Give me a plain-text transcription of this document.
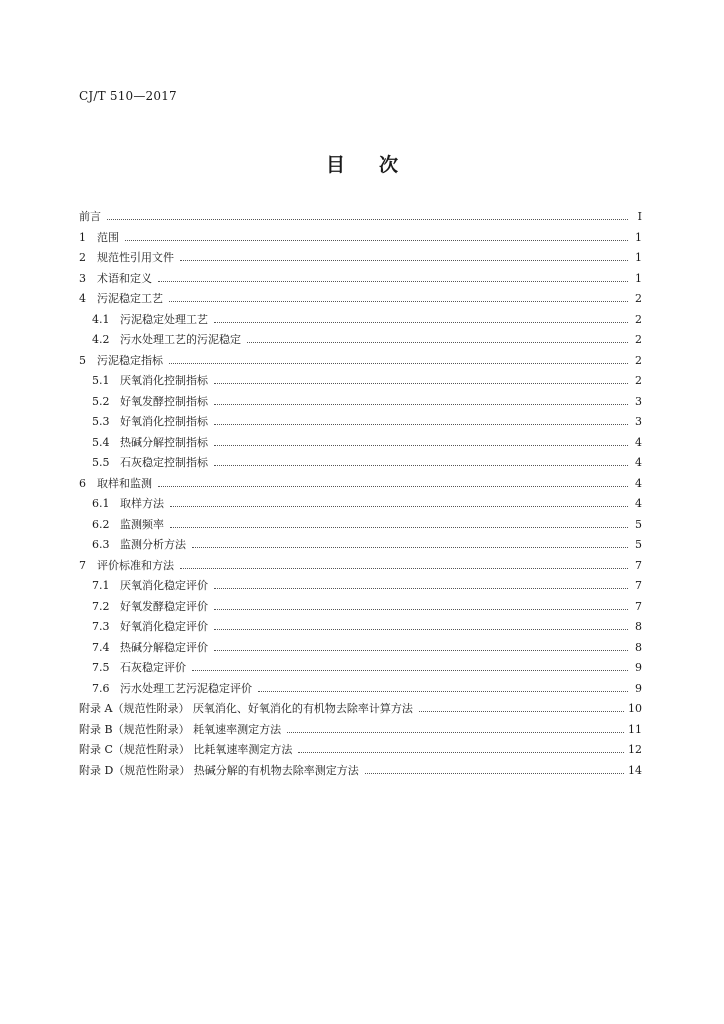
CJ/T 510—2017
目 次
前言	Ⅰ
1	范围	1
2	规范性引用文件	1
3	术语和定义	1
4	污泥稳定工艺	2
4.1 污泥稳定处理工艺	2
4.2 污水处理工艺的污泥稳定	2
5	污泥稳定指标	2
5.1 厌氧消化控制指标	2
5.2 好氧发酵控制指标	3
5.3 好氧消化控制指标	3
5.4 热碱分解控制指标	4
5.5 石灰稳定控制指标	4
6	取样和监测	4
6.1 取样方法	4
6.2 监测频率	5
6.3 监测分析方法	5
7	评价标准和方法	7
7.1 厌氧消化稳定评价	7
7.2 好氧发酵稳定评价	7
7.3 好氧消化稳定评价	8
7.4 热碱分解稳定评价	8
7.5 石灰稳定评价	9
7.6 污水处理工艺污泥稳定评价	9
附录 A（规范性附录） 厌氧消化、好氧消化的有机物去除率计算方法	10
附录 B（规范性附录） 耗氧速率测定方法	11
附录 C（规范性附录） 比耗氧速率测定方法	12
附录 D（规范性附录） 热碱分解的有机物去除率测定方法	14
